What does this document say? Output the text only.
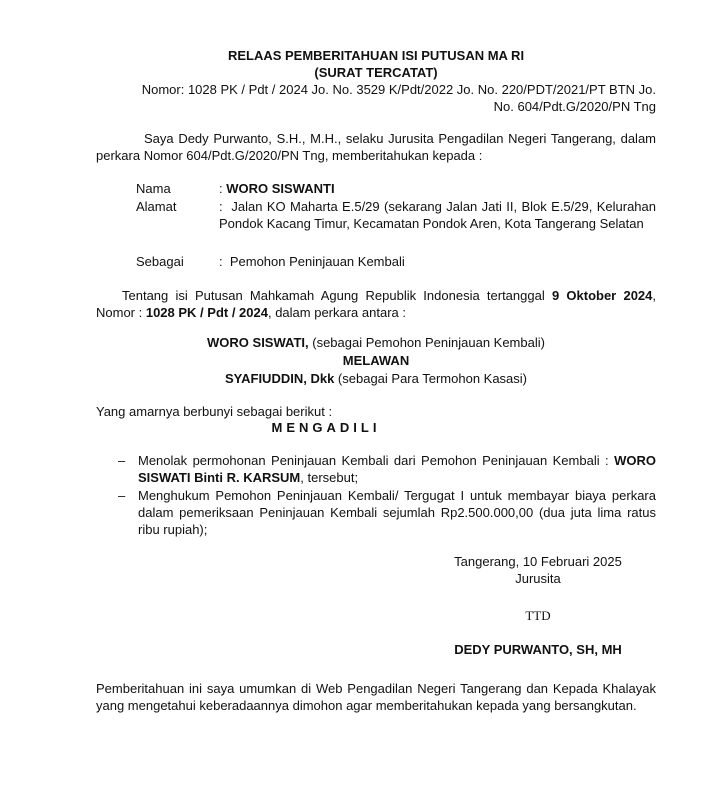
RELAAS PEMBERITAHUAN ISI PUTUSAN MA RI
(SURAT TERCATAT)
Nomor: 1028 PK / Pdt / 2024 Jo. No. 3529 K/Pdt/2022 Jo. No. 220/PDT/2021/PT BTN Jo.
No. 604/Pdt.G/2020/PN Tng
Saya Dedy Purwanto, S.H., M.H., selaku Jurusita Pengadilan Negeri Tangerang, dalam perkara Nomor 604/Pdt.G/2020/PN Tng, memberitahukan kepada :
Nama	: WORO SISWANTI
Alamat	:  Jalan KO Maharta E.5/29 (sekarang Jalan Jati II, Blok E.5/29, Kelurahan Pondok Kacang Timur, Kecamatan Pondok Aren, Kota Tangerang Selatan
Sebagai	:  Pemohon Peninjauan Kembali
Tentang isi Putusan Mahkamah Agung Republik Indonesia tertanggal 9 Oktober 2024, Nomor : 1028 PK / Pdt / 2024, dalam perkara antara :
WORO SISWATI, (sebagai Pemohon Peninjauan Kembali)
MELAWAN
SYAFIUDDIN, Dkk (sebagai Para Termohon Kasasi)
Yang amarnya berbunyi sebagai berikut :
MENGADILI
– Menolak permohonan Peninjauan Kembali dari Pemohon Peninjauan Kembali : WORO SISWATI Binti R. KARSUM, tersebut;
– Menghukum Pemohon Peninjauan Kembali/ Tergugat I untuk membayar biaya perkara dalam pemeriksaan Peninjauan Kembali sejumlah Rp2.500.000,00 (dua juta lima ratus ribu rupiah);
Tangerang, 10 Februari 2025
Jurusita
TTD
DEDY PURWANTO, SH, MH
Pemberitahuan ini saya umumkan di Web Pengadilan Negeri Tangerang dan Kepada Khalayak yang mengetahui keberadaannya dimohon agar memberitahukan kepada yang bersangkutan.
